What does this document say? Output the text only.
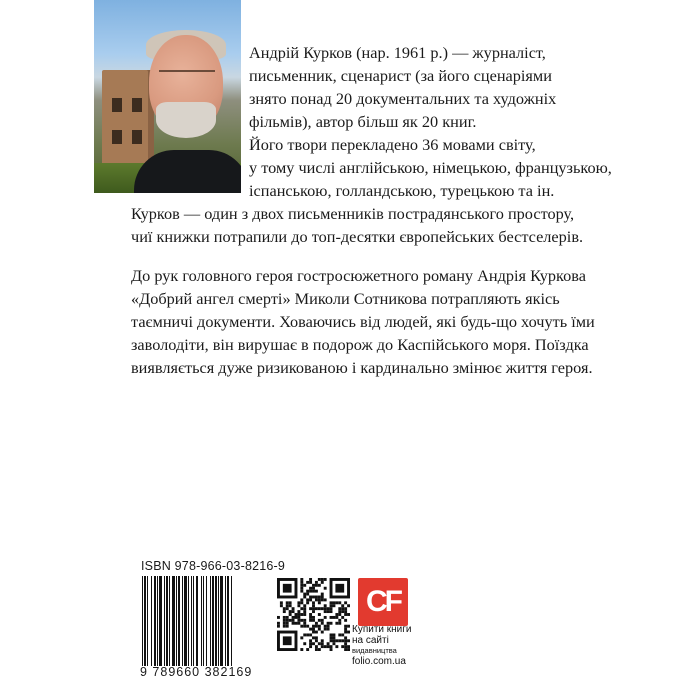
Андрій Курков (нар. 1961 р.) — журналіст,
письменник, сценарист (за його сценаріями
знято понад 20 документальних та художніх
фільмів), автор більш як 20 книг.
Його твори перекладено 36 мовами світу,
у тому числі англійською, німецькою, французькою,
іспанською, голландською, турецькою та ін.
Курков — один з двох письменників пострадянського простору,
чиї книжки потрапили до топ-десятки європейських бестселерів.
До рук головного героя гостросюжетного роману Андрія Куркова
«Добрий ангел смерті» Миколи Сотникова потрапляють якісь
таємничі документи. Ховаючись від людей, які будь-що хочуть їми
заволодіти, він вирушає в подорож до Каспійського моря. Поїздка
виявляється дуже ризикованою і кардинально змінює життя героя.
ISBN 978-966-03-8216-9
9 789660 382169
CF
Купити книги
на сайті
видавництва
folio.com.ua
